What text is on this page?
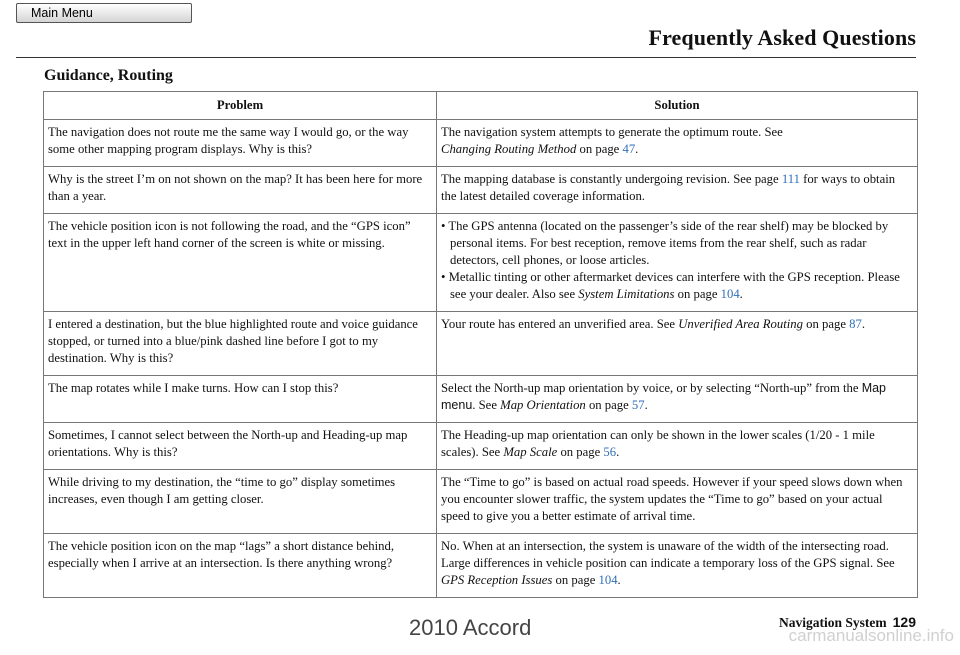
Main Menu
Frequently Asked Questions
Guidance, Routing
Problem	Solution
The navigation does not route me the same way I would go, or the way some other mapping program displays. Why is this?	The navigation system attempts to generate the optimum route. See
Changing Routing Method on page 47.
Why is the street I’m on not shown on the map? It has been here for more than a year.	The mapping database is constantly undergoing revision. See page 111 for ways to obtain the latest detailed coverage information.
The vehicle position icon is not following the road, and the “GPS icon” text in the upper left hand corner of the screen is white or missing.	• The GPS antenna (located on the passenger’s side of the rear shelf) may be blocked by personal items. For best reception, remove items from the rear shelf, such as radar detectors, cell phones, or loose articles.
• Metallic tinting or other aftermarket devices can interfere with the GPS reception. Please see your dealer. Also see System Limitations on page 104.

I entered a destination, but the blue highlighted route and voice guidance stopped, or turned into a blue/pink dashed line before I got to my destination. Why is this?	Your route has entered an unverified area. See Unverified Area Routing on page 87.
The map rotates while I make turns. How can I stop this?	Select the North-up map orientation by voice, or by selecting “North-up” from the Map menu. See Map Orientation on page 57.
Sometimes, I cannot select between the North-up and Heading-up map orientations. Why is this?	The Heading-up map orientation can only be shown in the lower scales (1/20 - 1 mile scales). See Map Scale on page 56.
While driving to my destination, the “time to go” display sometimes increases, even though I am getting closer.	The “Time to go” is based on actual road speeds. However if your speed slows down when you encounter slower traffic, the system updates the “Time to go” based on your actual speed to give you a better estimate of arrival time.
The vehicle position icon on the map “lags” a short distance behind, especially when I arrive at an intersection. Is there anything wrong?	No. When at an intersection, the system is unaware of the width of the intersecting road. Large differences in vehicle position can indicate a temporary loss of the GPS signal. See GPS Reception Issues on page 104.
Navigation System 129
2010 Accord	carmanualsonline.info
